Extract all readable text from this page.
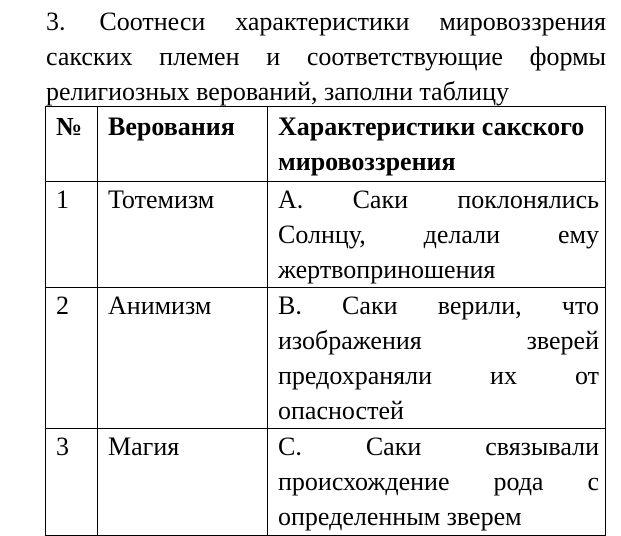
3. Соотнеси характеристики мировоззрения сакских племен и соответствующие формы религиозных верований, заполни таблицу

№	Верования	Характеристики сакского мировоззрения
1	Тотемизм	А. Саки поклонялись
Солнцу, делали ему
жертвоприношения

2	Анимизм	В. Саки верили, что
изображения зверей
предохраняли их от
опасностей

3	Магия	С. Саки связывали
происхождение рода с
определенным зверем
